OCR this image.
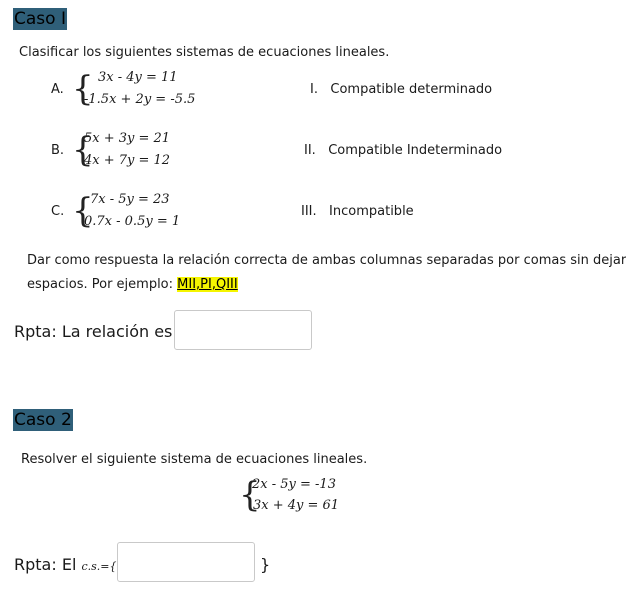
Caso I
Clasificar los siguientes sistemas de ecuaciones lineales.
A. { 3x - 4y = 11
-1.5x + 2y = -5.5
B. {
5x + 3y = 21
4x + 7y = 12
C. {
7x - 5y = 23
0.7x - 0.5y = 1
I. Compatible determinado
II. Compatible Indeterminado
III. Incompatible
Dar como respuesta la relación correcta de ambas columnas separadas por comas sin dejar
espacios. Por ejemplo: MII,PI,QIII
Rpta: La relación es
Caso 2
Resolver el siguiente sistema de ecuaciones lineales.
{
2x - 5y = -13
3x + 4y = 61
Rpta: El c.s.={	}
